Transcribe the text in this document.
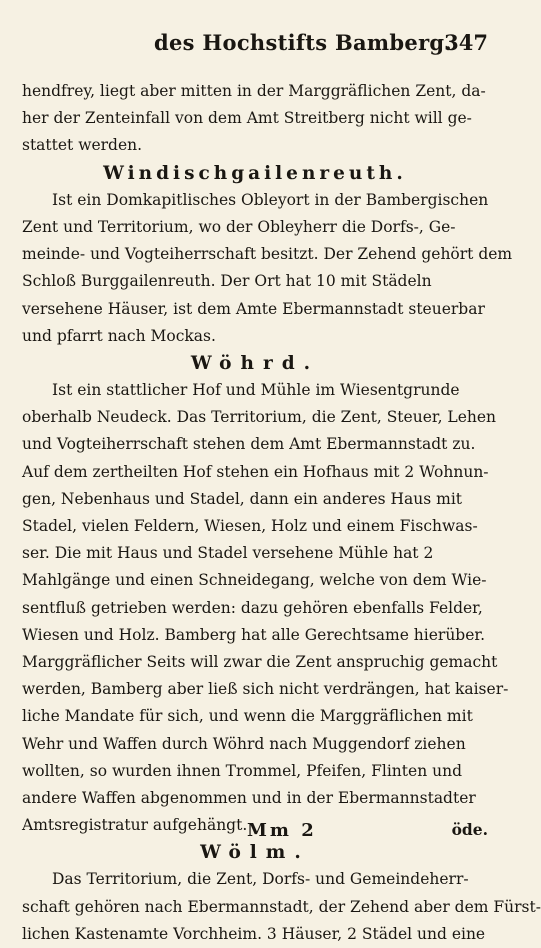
des Hochstifts Bamberg.
347
hendfrey, liegt aber mitten in der Marggräflichen Zent, da-
her der Zenteinfall von dem Amt Streitberg nicht will ge-
stattet werden.
Windischgailenreuth.
Ist ein Domkapitlisches Obleyort in der Bambergischen
Zent und Territorium, wo der Obleyherr die Dorfs-, Ge-
meinde- und Vogteiherrschaft besitzt. Der Zehend gehört dem
Schloß Burggailenreuth. Der Ort hat 10 mit Städeln
versehene Häuser, ist dem Amte Ebermannstadt steuerbar
und pfarrt nach Mockas.
Wöhrd.
Ist ein stattlicher Hof und Mühle im Wiesentgrunde
oberhalb Neudeck. Das Territorium, die Zent, Steuer, Lehen
und Vogteiherrschaft stehen dem Amt Ebermannstadt zu.
Auf dem zertheilten Hof stehen ein Hofhaus mit 2 Wohnun-
gen, Nebenhaus und Stadel, dann ein anderes Haus mit
Stadel, vielen Feldern, Wiesen, Holz und einem Fischwas-
ser. Die mit Haus und Stadel versehene Mühle hat 2
Mahlgänge und einen Schneidegang, welche von dem Wie-
sentfluß getrieben werden: dazu gehören ebenfalls Felder,
Wiesen und Holz. Bamberg hat alle Gerechtsame hierüber.
Marggräflicher Seits will zwar die Zent anspruchig gemacht
werden, Bamberg aber ließ sich nicht verdrängen, hat kaiser-
liche Mandate für sich, und wenn die Marggräflichen mit
Wehr und Waffen durch Wöhrd nach Muggendorf ziehen
wollten, so wurden ihnen Trommel, Pfeifen, Flinten und
andere Waffen abgenommen und in der Ebermannstadter
Amtsregistratur aufgehängt.
Wölm.
Das Territorium, die Zent, Dorfs- und Gemeindeherr-
schaft gehören nach Ebermannstadt, der Zehend aber dem Fürst-
lichen Kastenamte Vorchheim. 3 Häuser, 2 Städel und eine
Mm 2	öde.
